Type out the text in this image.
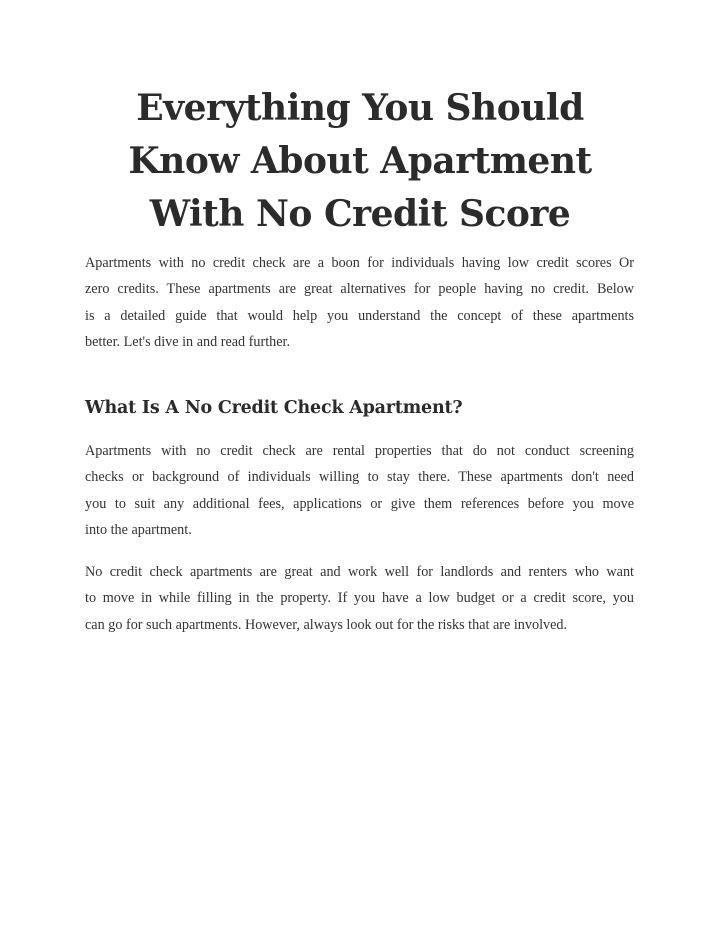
Everything You Should
Know About Apartment
With No Credit Score

Apartments with no credit check are a boon for individuals having low credit scores Or
zero credits. These apartments are great alternatives for people having no credit. Below
is a detailed guide that would help you understand the concept of these apartments
better. Let's dive in and read further.

What Is A No Credit Check Apartment?

Apartments with no credit check are rental properties that do not conduct screening
checks or background of individuals willing to stay there. These apartments don't need
you to suit any additional fees, applications or give them references before you move
into the apartment.

No credit check apartments are great and work well for landlords and renters who want
to move in while filling in the property. If you have a low budget or a credit score, you
can go for such apartments. However, always look out for the risks that are involved.
